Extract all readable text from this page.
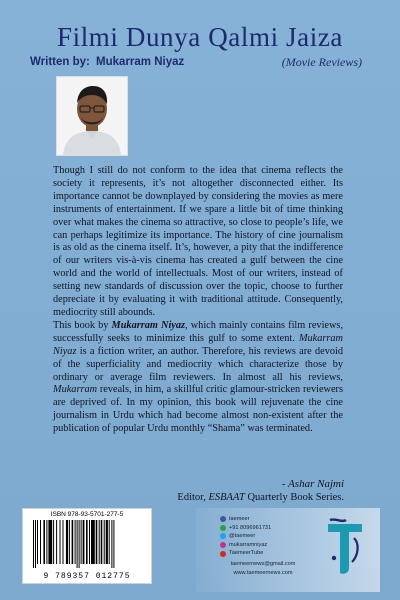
Filmi Dunya Qalmi Jaiza
Written by: Mukarram Niyaz	(Movie Reviews)

Though I still do not conform to the idea that cinema reflects the society it represents, it’s not altogether disconnected either. Its importance cannot be downplayed by considering the movies as mere instruments of entertainment. If we spare a little bit of time thinking over what makes the cinema so attractive, so close to people’s life, we can perhaps legitimize its importance. The history of cine journalism is as old as the cinema itself. It’s, however, a pity that the indifference of our writers vis-à-vis cinema has created a gulf between the cine world and the world of intellectuals. Most of our writers, instead of setting new standards of discussion over the topic, choose to further depreciate it by evaluating it with traditional attitude. Consequently, mediocrity still abounds.

This book by Mukarram Niyaz, which mainly contains film reviews, successfully seeks to minimize this gulf to some extent. Mukarram Niyaz is a fiction writer, an author. Therefore, his reviews are devoid of the superficiality and mediocrity which characterize those by ordinary or average film reviewers. In almost all his reviews, Mukarram reveals, in him, a skillful critic glamour-stricken reviewers are deprived of. In my opinion, this book will rejuvenate the cine journalism in Urdu which had become almost non-existent after the publication of popular Urdu monthly “Shama” was terminated.

- Ashar Najmi
Editor, ESBAAT Quarterly Book Series.
ISBN 978-93-5701-277-5
9 789357 012775
taemeer
+91 8096961731
@taemeer
mukarramniyaz
TaemeerTube
taemeernews@gmail.com
www.taemeernews.com
